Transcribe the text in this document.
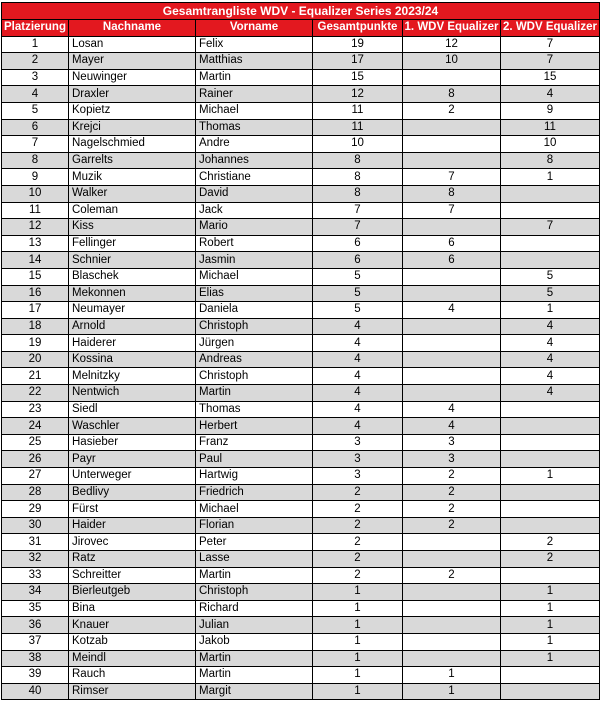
Gesamtrangliste WDV - Equalizer Series 2023/24					
Platzierung	Nachname	Vorname	Gesamtpunkte	1. WDV Equalizer	2. WDV Equalizer
1	Losan	Felix	19	12	7
2	Mayer	Matthias	17	10	7
3	Neuwinger	Martin	15		15
4	Draxler	Rainer	12	8	4
5	Kopietz	Michael	11	2	9
6	Krejci	Thomas	11		11
7	Nagelschmied	Andre	10		10
8	Garrelts	Johannes	8		8
9	Muzik	Christiane	8	7	1
10	Walker	David	8	8	
11	Coleman	Jack	7	7	
12	Kiss	Mario	7		7
13	Fellinger	Robert	6	6	
14	Schnier	Jasmin	6	6	
15	Blaschek	Michael	5		5
16	Mekonnen	Elias	5		5
17	Neumayer	Daniela	5	4	1
18	Arnold	Christoph	4		4
19	Haiderer	Jürgen	4		4
20	Kossina	Andreas	4		4
21	Melnitzky	Christoph	4		4
22	Nentwich	Martin	4		4
23	Siedl	Thomas	4	4	
24	Waschler	Herbert	4	4	
25	Hasieber	Franz	3	3	
26	Payr	Paul	3	3	
27	Unterweger	Hartwig	3	2	1
28	Bedlivy	Friedrich	2	2	
29	Fürst	Michael	2	2	
30	Haider	Florian	2	2	
31	Jirovec	Peter	2		2
32	Ratz	Lasse	2		2
33	Schreitter	Martin	2	2	
34	Bierleutgeb	Christoph	1		1
35	Bina	Richard	1		1
36	Knauer	Julian	1		1
37	Kotzab	Jakob	1		1
38	Meindl	Martin	1		1
39	Rauch	Martin	1	1	
40	Rimser	Margit	1	1	
